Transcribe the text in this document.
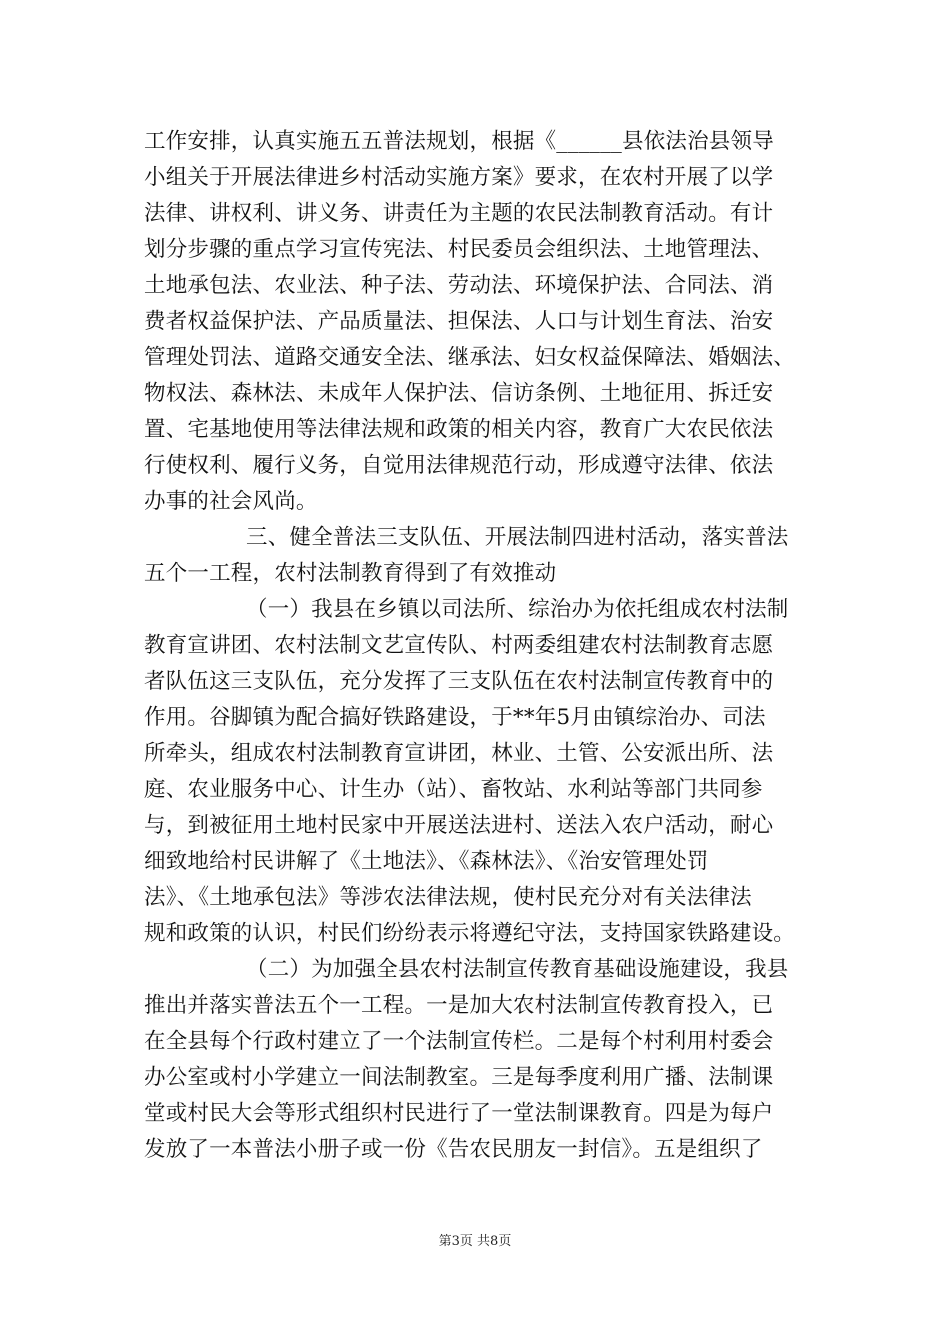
工作安排，认真实施五五普法规划，根据《______县依法治县领导
小组关于开展法律进乡村活动实施方案》要求，在农村开展了以学
法律、讲权利、讲义务、讲责任为主题的农民法制教育活动。有计
划分步骤的重点学习宣传宪法、村民委员会组织法、土地管理法、
土地承包法、农业法、种子法、劳动法、环境保护法、合同法、消
费者权益保护法、产品质量法、担保法、人口与计划生育法、治安
管理处罚法、道路交通安全法、继承法、妇女权益保障法、婚姻法、
物权法、森林法、未成年人保护法、信访条例、土地征用、拆迁安
置、宅基地使用等法律法规和政策的相关内容，教育广大农民依法
行使权利、履行义务，自觉用法律规范行动，形成遵守法律、依法
办事的社会风尚。
三、健全普法三支队伍、开展法制四进村活动，落实普法
五个一工程，农村法制教育得到了有效推动
（一）我县在乡镇以司法所、综治办为依托组成农村法制
教育宣讲团、农村法制文艺宣传队、村两委组建农村法制教育志愿
者队伍这三支队伍，充分发挥了三支队伍在农村法制宣传教育中的
作用。谷脚镇为配合搞好铁路建设，于**年5月由镇综治办、司法
所牵头，组成农村法制教育宣讲团，林业、土管、公安派出所、法
庭、农业服务中心、计生办（站）、畜牧站、水利站等部门共同参
与，到被征用土地村民家中开展送法进村、送法入农户活动，耐心
细致地给村民讲解了《土地法》、《森林法》、《治安管理处罚
法》、《土地承包法》等涉农法律法规，使村民充分对有关法律法
规和政策的认识，村民们纷纷表示将遵纪守法，支持国家铁路建设。
（二）为加强全县农村法制宣传教育基础设施建设，我县
推出并落实普法五个一工程。一是加大农村法制宣传教育投入，已
在全县每个行政村建立了一个法制宣传栏。二是每个村利用村委会
办公室或村小学建立一间法制教室。三是每季度利用广播、法制课
堂或村民大会等形式组织村民进行了一堂法制课教育。四是为每户
发放了一本普法小册子或一份《告农民朋友一封信》。五是组织了
第3页 共8页
